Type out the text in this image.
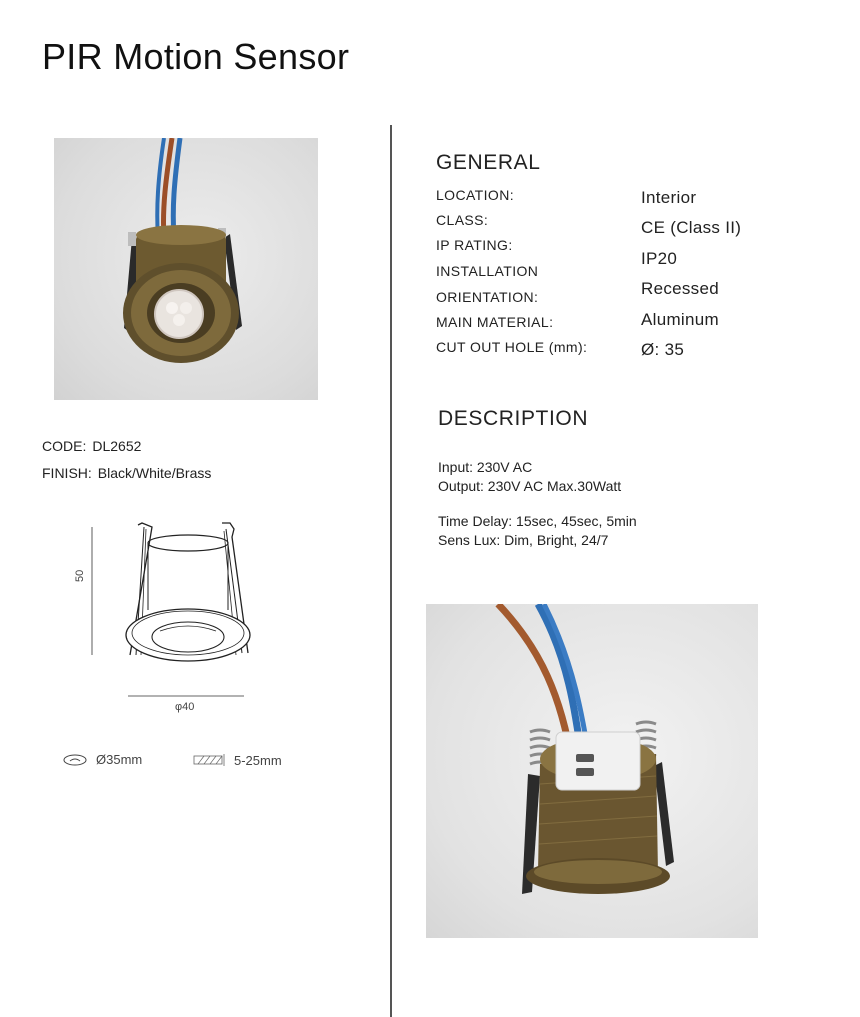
PIR Motion Sensor
CODE: DL2652
FINISH: Black/White/Brass
50
φ40
Ø35mm	5-25mm
GENERAL
LOCATION:
CLASS:
IP RATING:
INSTALLATION
ORIENTATION:
MAIN MATERIAL:
CUT OUT HOLE (mm):
Interior
CE (Class II)
IP20
Recessed
Aluminum
Ø: 35
DESCRIPTION
Input: 230V AC
Output: 230V AC Max.30Watt
Time Delay: 15sec, 45sec, 5min
Sens Lux: Dim, Bright, 24/7
